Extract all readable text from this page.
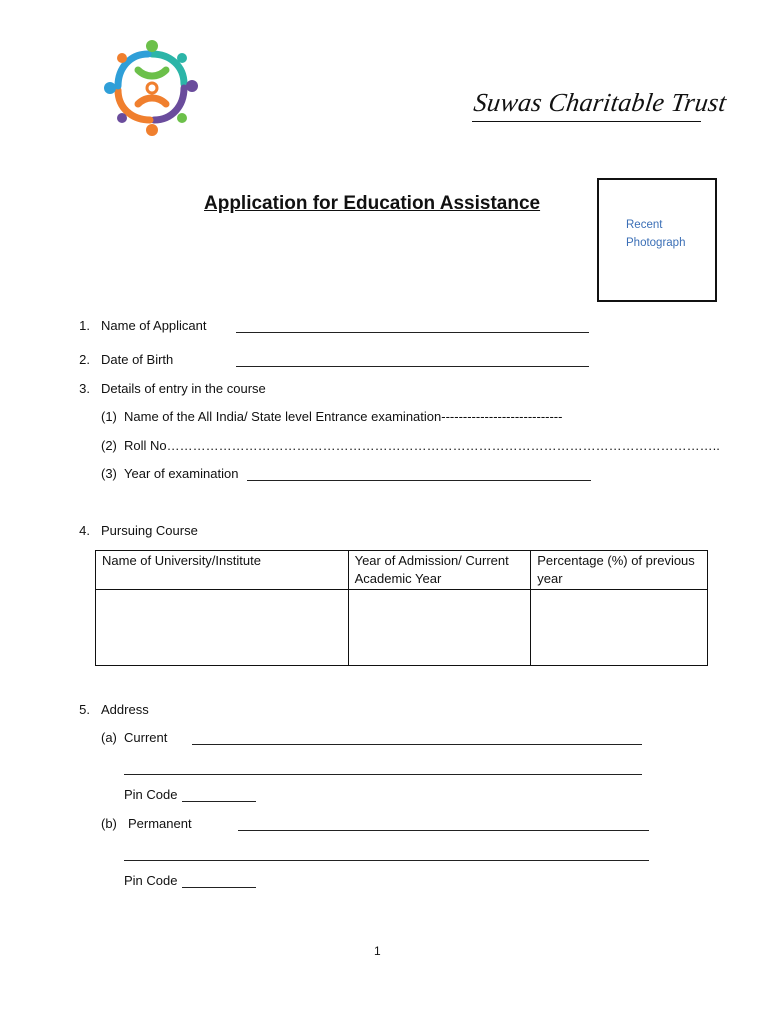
Suwas Charitable Trust
Application for Education Assistance
Recent
Photograph
1. Name of Applicant
2. Date of Birth
3. Details of entry in the course
(1) Name of the All India/ State level Entrance examination----------------------------
(2) Roll No………………………………………………………………………………………………………………..
(3) Year of examination
4. Pursuing Course
Name of University/Institute	Year of Admission/ Current Academic Year	Percentage (%) of previous year

5. Address
(a) Current
Pin Code
(b) Permanent
Pin Code
1
